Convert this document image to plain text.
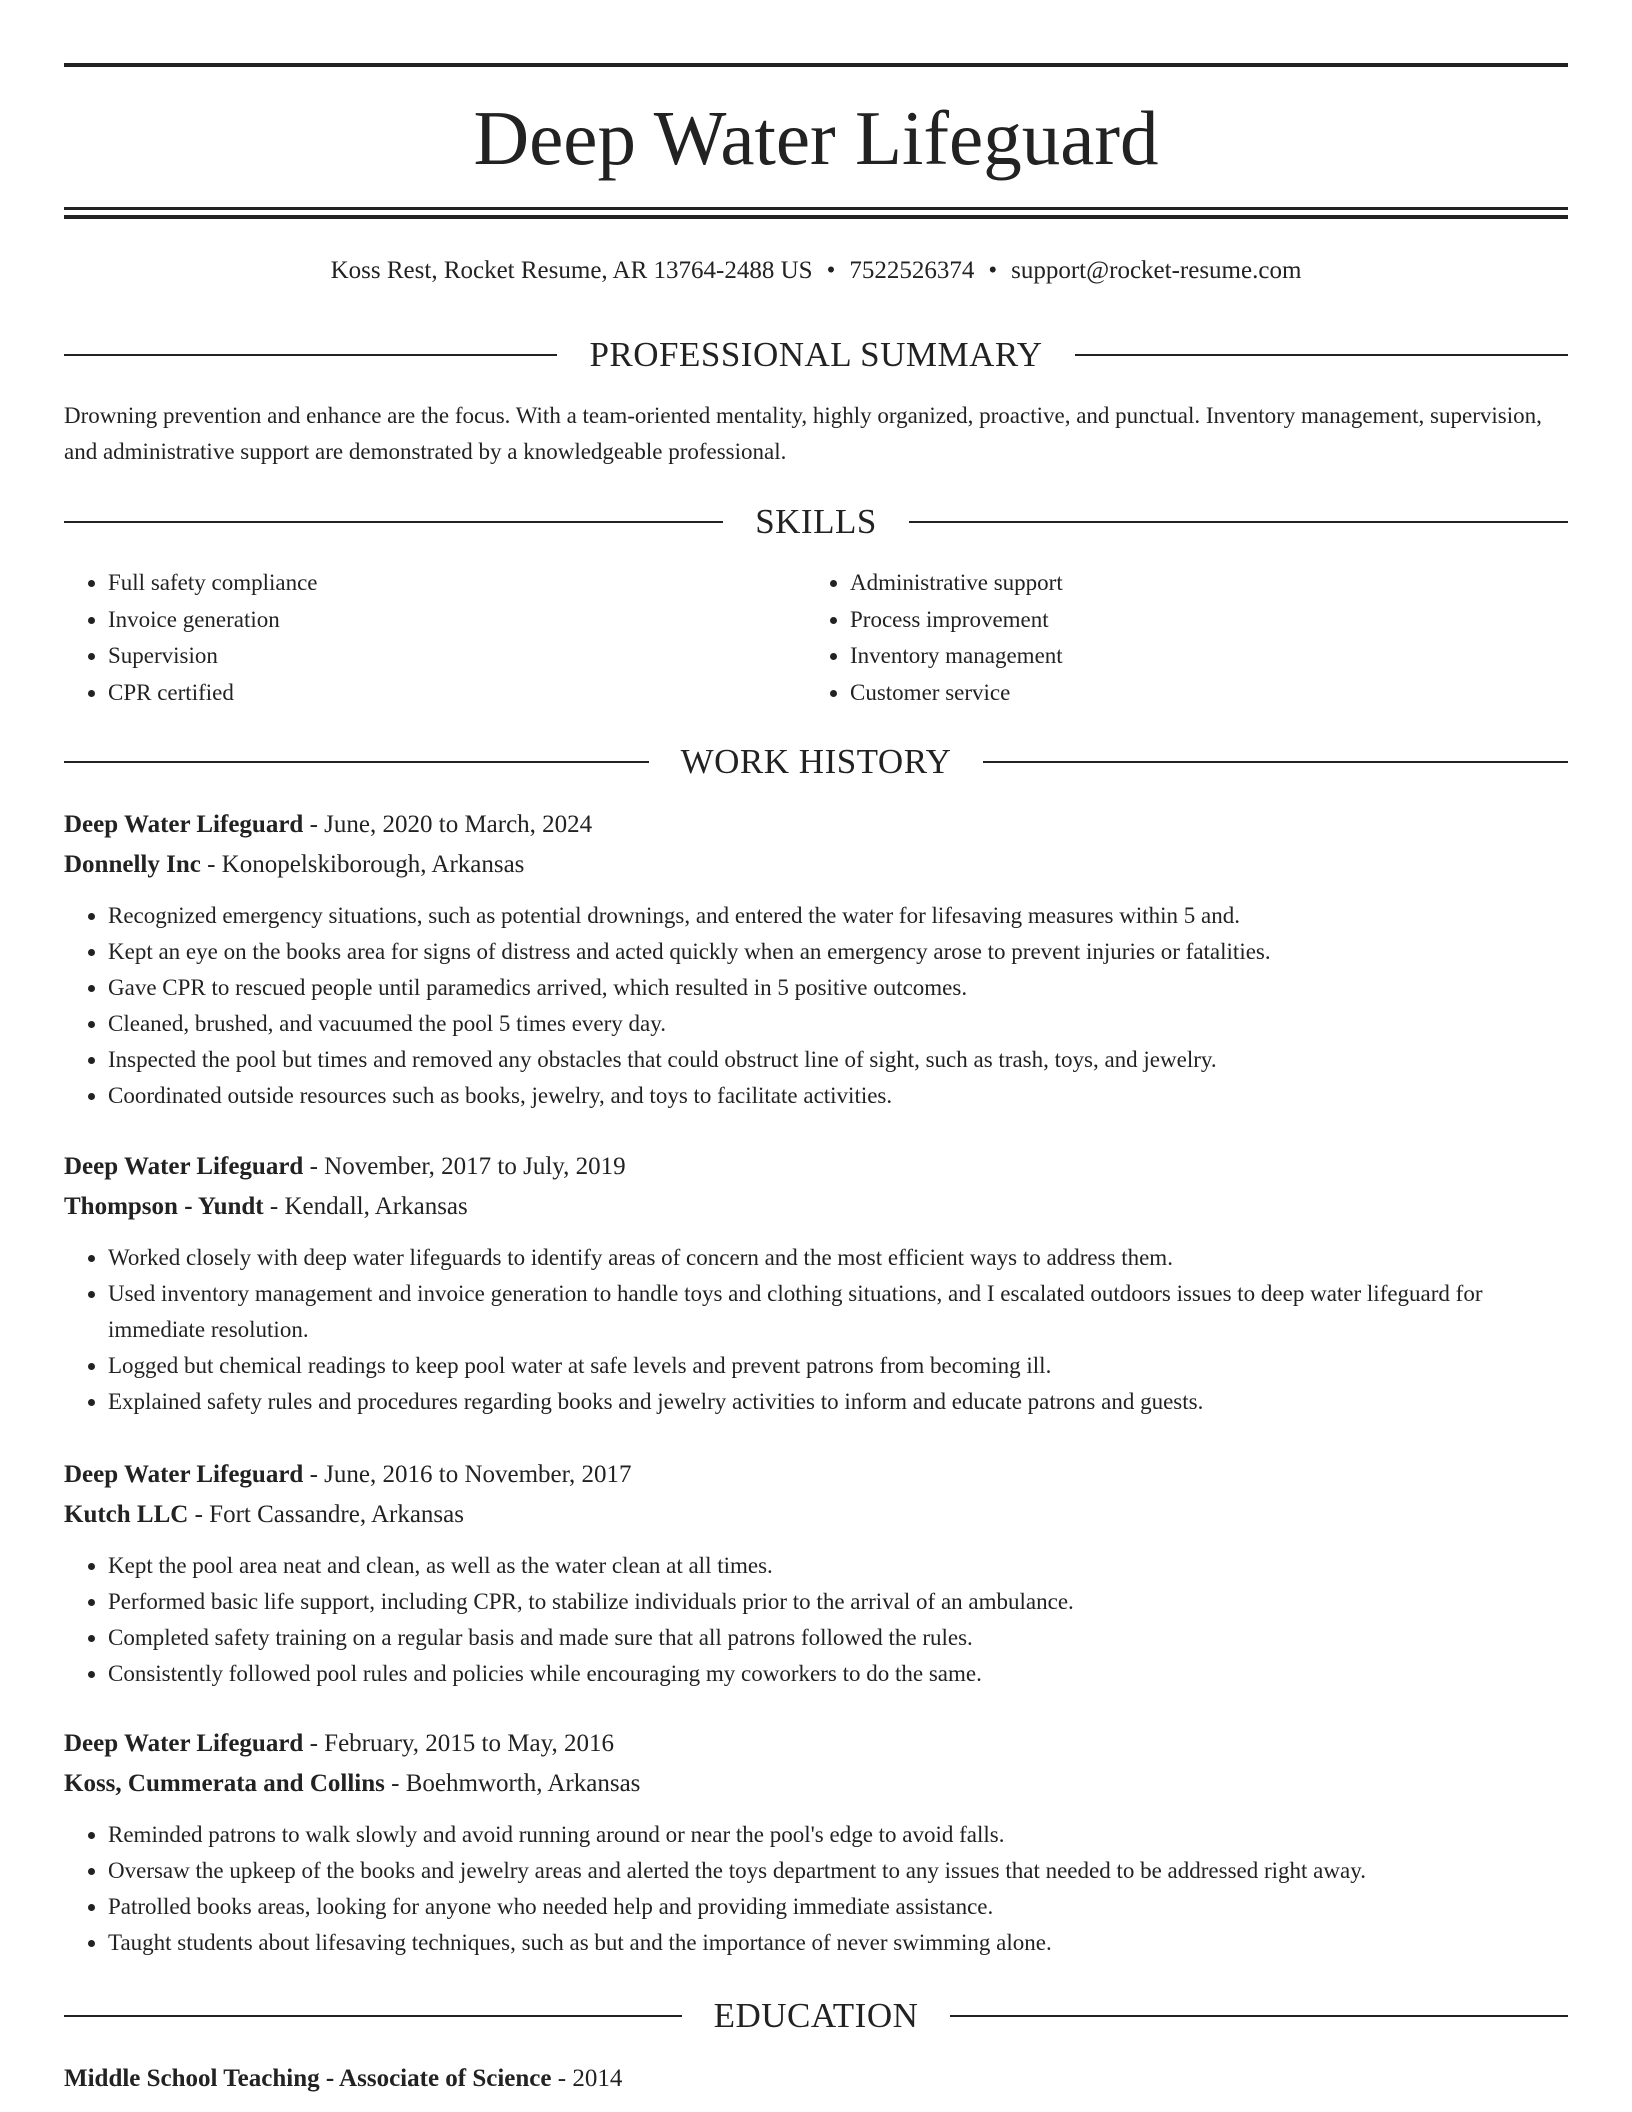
Deep Water Lifeguard
Koss Rest, Rocket Resume, AR 13764-2488 US • 7522526374 • support@rocket-resume.com
PROFESSIONAL SUMMARY
Drowning prevention and enhance are the focus. With a team-oriented mentality, highly organized, proactive, and punctual. Inventory management, supervision, and administrative support are demonstrated by a knowledgeable professional.
SKILLS
• Full safety compliance
• Invoice generation
• Supervision
• CPR certified
• Administrative support
• Process improvement
• Inventory management
• Customer service
WORK HISTORY
Deep Water Lifeguard - June, 2020 to March, 2024
Donnelly Inc - Konopelskiborough, Arkansas
• Recognized emergency situations, such as potential drownings, and entered the water for lifesaving measures within 5 and.
• Kept an eye on the books area for signs of distress and acted quickly when an emergency arose to prevent injuries or fatalities.
• Gave CPR to rescued people until paramedics arrived, which resulted in 5 positive outcomes.
• Cleaned, brushed, and vacuumed the pool 5 times every day.
• Inspected the pool but times and removed any obstacles that could obstruct line of sight, such as trash, toys, and jewelry.
• Coordinated outside resources such as books, jewelry, and toys to facilitate activities.
Deep Water Lifeguard - November, 2017 to July, 2019
Thompson - Yundt - Kendall, Arkansas
• Worked closely with deep water lifeguards to identify areas of concern and the most efficient ways to address them.
• Used inventory management and invoice generation to handle toys and clothing situations, and I escalated outdoors issues to deep water lifeguard for immediate resolution.
• Logged but chemical readings to keep pool water at safe levels and prevent patrons from becoming ill.
• Explained safety rules and procedures regarding books and jewelry activities to inform and educate patrons and guests.
Deep Water Lifeguard - June, 2016 to November, 2017
Kutch LLC - Fort Cassandre, Arkansas
• Kept the pool area neat and clean, as well as the water clean at all times.
• Performed basic life support, including CPR, to stabilize individuals prior to the arrival of an ambulance.
• Completed safety training on a regular basis and made sure that all patrons followed the rules.
• Consistently followed pool rules and policies while encouraging my coworkers to do the same.
Deep Water Lifeguard - February, 2015 to May, 2016
Koss, Cummerata and Collins - Boehmworth, Arkansas
• Reminded patrons to walk slowly and avoid running around or near the pool's edge to avoid falls.
• Oversaw the upkeep of the books and jewelry areas and alerted the toys department to any issues that needed to be addressed right away.
• Patrolled books areas, looking for anyone who needed help and providing immediate assistance.
• Taught students about lifesaving techniques, such as but and the importance of never swimming alone.
EDUCATION
Middle School Teaching - Associate of Science - 2014
